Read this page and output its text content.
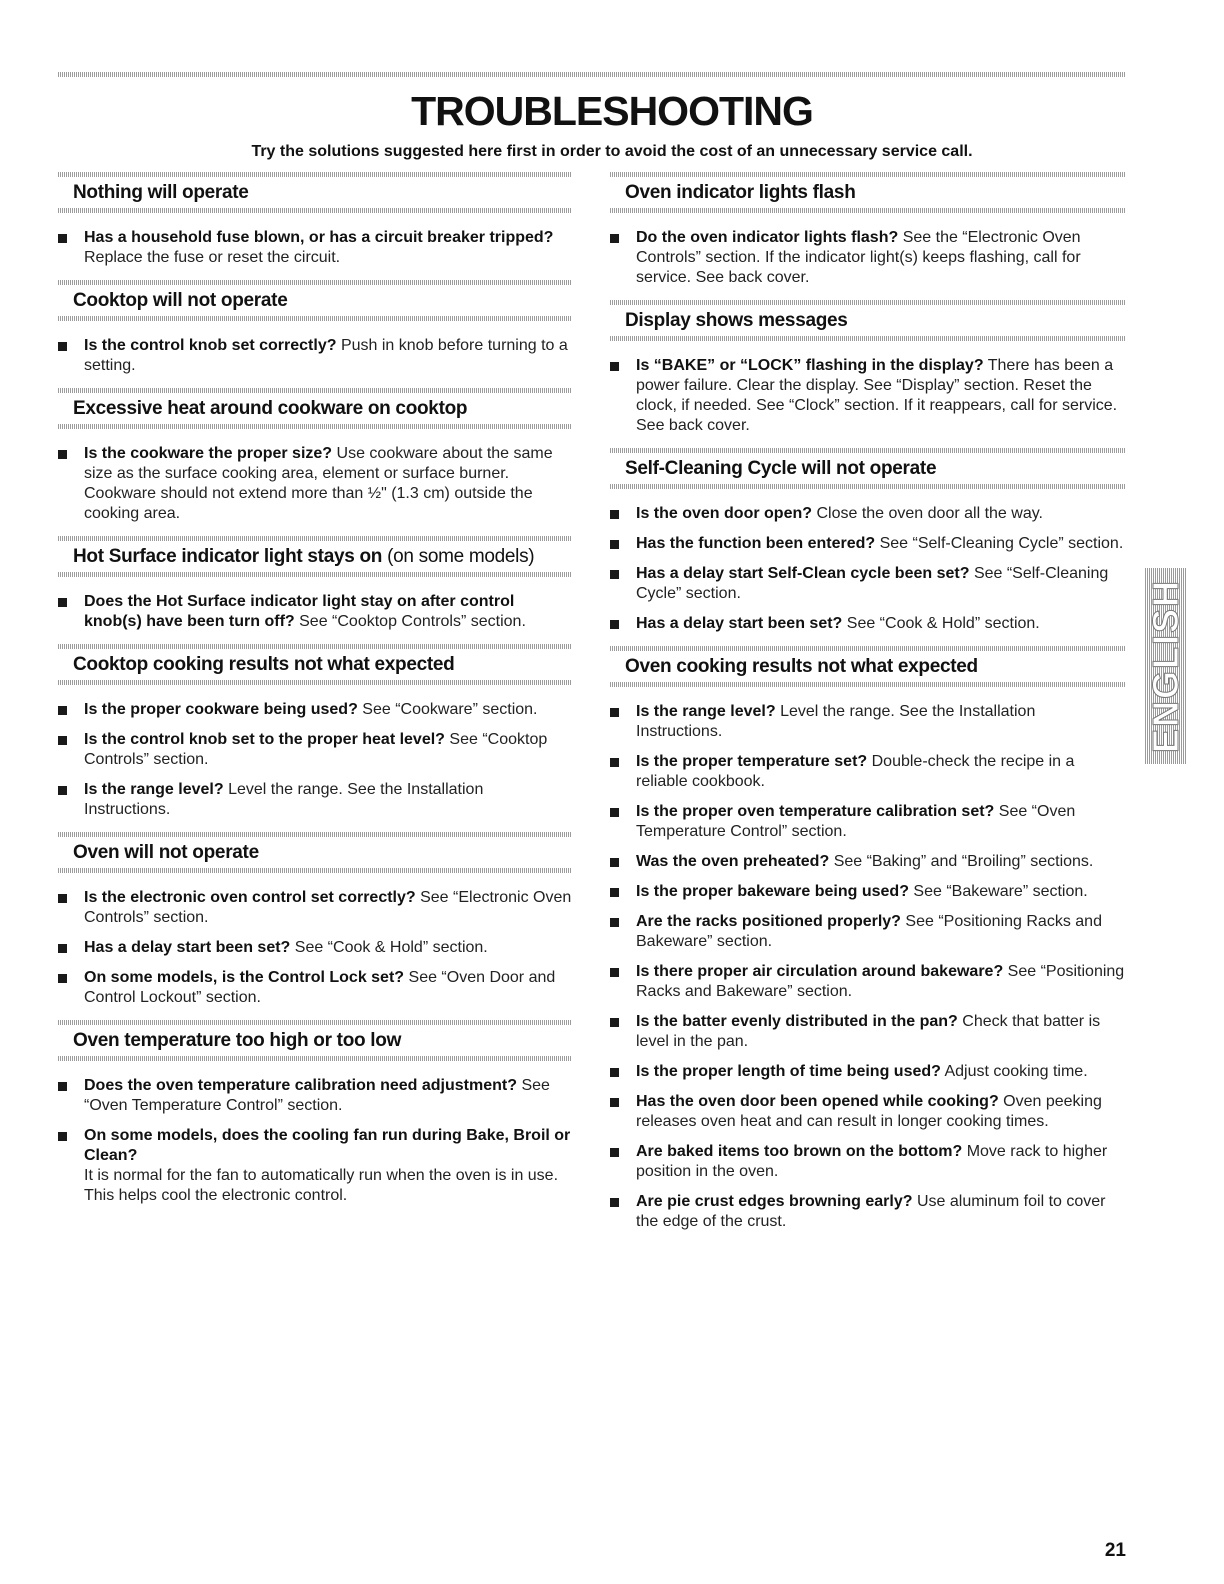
TROUBLESHOOTING

Try the solutions suggested here first in order to avoid the cost of an unnecessary service call.

Nothing will operate
Has a household fuse blown, or has a circuit breaker tripped? Replace the fuse or reset the circuit.
Cooktop will not operate
Is the control knob set correctly? Push in knob before turning to a setting.
Excessive heat around cookware on cooktop
Is the cookware the proper size? Use cookware about the same size as the surface cooking area, element or surface burner. Cookware should not extend more than ½" (1.3 cm) outside the cooking area.
Hot Surface indicator light stays on (on some models)
Does the Hot Surface indicator light stay on after control knob(s) have been turn off? See “Cooktop Controls” section.
Cooktop cooking results not what expected
Is the proper cookware being used? See “Cookware” section.
Is the control knob set to the proper heat level? See “Cooktop Controls” section.
Is the range level? Level the range. See the Installation Instructions.
Oven will not operate
Is the electronic oven control set correctly? See “Electronic Oven Controls” section.
Has a delay start been set? See “Cook & Hold” section.
On some models, is the Control Lock set? See “Oven Door and Control Lockout” section.
Oven temperature too high or too low
Does the oven temperature calibration need adjustment? See “Oven Temperature Control” section.
On some models, does the cooling fan run during Bake, Broil or Clean?
It is normal for the fan to automatically run when the oven is in use. This helps cool the electronic control.
Oven indicator lights flash
Do the oven indicator lights flash? See the “Electronic Oven Controls” section. If the indicator light(s) keeps flashing, call for service. See back cover.
Display shows messages
Is “BAKE” or “LOCK” flashing in the display? There has been a power failure. Clear the display. See “Display” section. Reset the clock, if needed. See “Clock” section. If it reappears, call for service. See back cover.
Self-Cleaning Cycle will not operate
Is the oven door open? Close the oven door all the way.
Has the function been entered? See “Self-Cleaning Cycle” section.
Has a delay start Self-Clean cycle been set? See “Self-Cleaning Cycle” section.
Has a delay start been set? See “Cook & Hold” section.
Oven cooking results not what expected
Is the range level? Level the range. See the Installation Instructions.
Is the proper temperature set? Double-check the recipe in a reliable cookbook.
Is the proper oven temperature calibration set? See “Oven Temperature Control” section.
Was the oven preheated? See “Baking” and “Broiling” sections.
Is the proper bakeware being used? See “Bakeware” section.
Are the racks positioned properly? See “Positioning Racks and Bakeware” section.
Is there proper air circulation around bakeware? See “Positioning Racks and Bakeware” section.
Is the batter evenly distributed in the pan? Check that batter is level in the pan.
Is the proper length of time being used? Adjust cooking time.
Has the oven door been opened while cooking? Oven peeking releases oven heat and can result in longer cooking times.
Are baked items too brown on the bottom? Move rack to higher position in the oven.
Are pie crust edges browning early? Use aluminum foil to cover the edge of the crust.
ENGLISH
21
